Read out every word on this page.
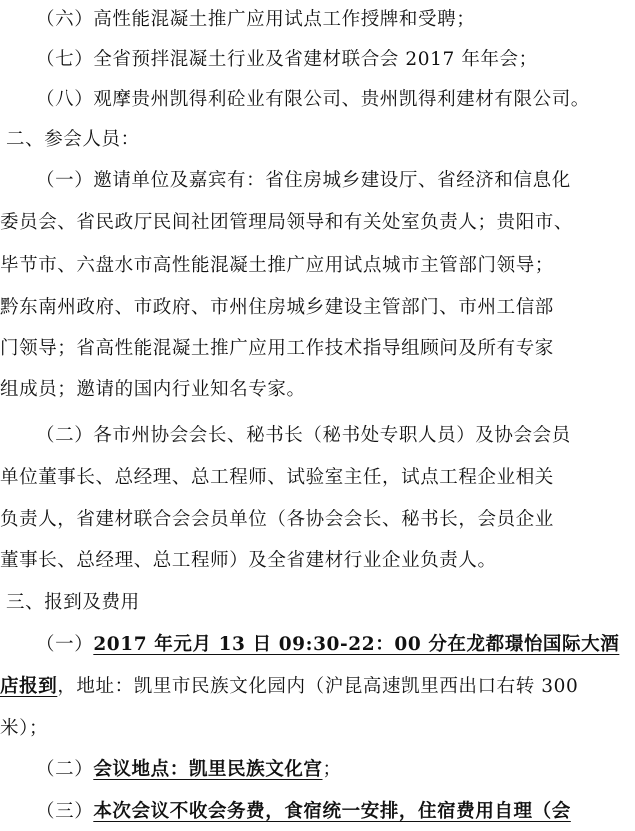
（六）高性能混凝土推广应用试点工作授牌和受聘；
（七）全省预拌混凝土行业及省建材联合会 2017 年年会；
（八）观摩贵州凯得利砼业有限公司、贵州凯得利建材有限公司。
二、参会人员：
（一）邀请单位及嘉宾有：省住房城乡建设厅、省经济和信息化
委员会、省民政厅民间社团管理局领导和有关处室负责人；贵阳市、
毕节市、六盘水市高性能混凝土推广应用试点城市主管部门领导；
黔东南州政府、市政府、市州住房城乡建设主管部门、市州工信部
门领导；省高性能混凝土推广应用工作技术指导组顾问及所有专家
组成员；邀请的国内行业知名专家。
（二）各市州协会会长、秘书长（秘书处专职人员）及协会会员
单位董事长、总经理、总工程师、试验室主任，试点工程企业相关
负责人，省建材联合会会员单位（各协会会长、秘书长，会员企业
董事长、总经理、总工程师）及全省建材行业企业负责人。
三、报到及费用
（一）2017 年元月 13 日 09:30-22：00 分在龙都璟怡国际大酒
店报到，地址：凯里市民族文化园内（沪昆高速凯里西出口右转 300
米）；
（二）会议地点：凯里民族文化宫；
（三）本次会议不收会务费，食宿统一安排，住宿费用自理（会
